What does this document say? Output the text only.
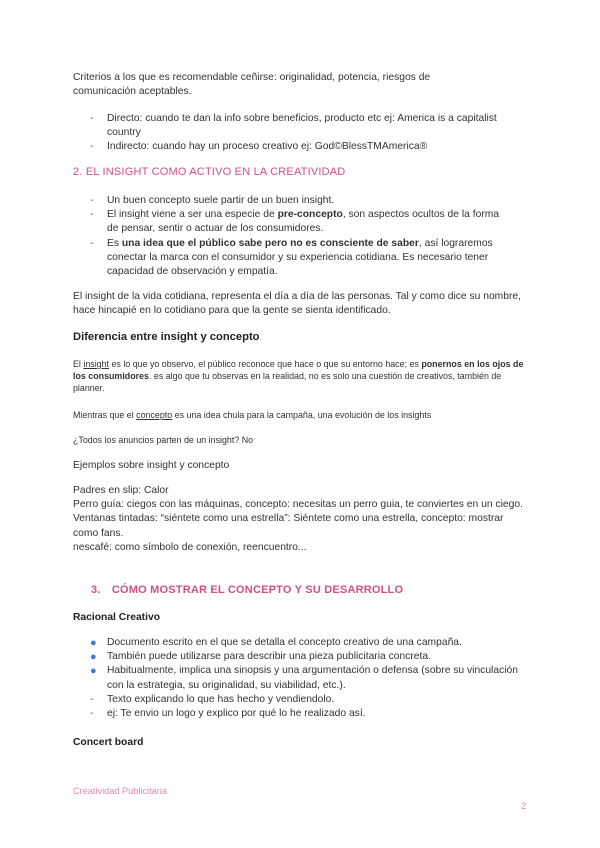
Criterios a los que es recomendable ceñirse: originalidad, potencia, riesgos de
comunicación aceptables.

- Directo: cuando te dan la info sobre beneficios, producto etc ej: America is a capitalist country
- Indirecto: cuando hay un proceso creativo ej: God©BlessTMAmerica®
2. EL INSIGHT COMO ACTIVO EN LA CREATIVIDAD
- Un buen concepto suele partir de un buen insight.
- El insight viene a ser una especie de pre-concepto, son aspectos ocultos de la forma de pensar, sentir o actuar de los consumidores.
- Es una idea que el público sabe pero no es consciente de saber, así lograremos conectar la marca con el consumidor y su experiencia cotidiana. Es necesario tener capacidad de observación y empatía.

El insight de la vida cotidiana, representa el día a día de las personas. Tal y como dice su nombre, hace hincapié en lo cotidiano para que la gente se sienta identificado.

Diferencia entre insight y concepto

El insight es lo que yo observo, el público reconoce que hace o que su entorno hace; es ponernos en los ojos de los consumidores. es algo que tu observas en la realidad, no es solo una cuestión de creativos, también de planner.

Mientras que el concepto es una idea chula para la campaña, una evolución de los insights

¿Todos los anuncios parten de un insight? No

Ejemplos sobre insight y concepto

Padres en slip: Calor
Perro guía: ciegos con las máquinas, concepto: necesitas un perro guia, te conviertes en un ciego.
Ventanas tintadas: “siéntete como una estrella”: Siéntete como una estrella, concepto: mostrar como fans.
nescafé: como símbolo de conexión, reencuentro...
3. CÓMO MOSTRAR EL CONCEPTO Y SU DESARROLLO
Racional Creativo
● Documento escrito en el que se detalla el concepto creativo de una campaña.
● También puede utilizarse para describir una pieza publicitaria concreta.
● Habitualmente, implica una sinopsis y una argumentación o defensa (sobre su vinculación con la estrategia, su originalidad, su viabilidad, etc.).
- Texto explicando lo que has hecho y vendiendolo.
- ej: Te envio un logo y explico por qué lo he realizado así.
Concert board
Creatividad Publicitaria
2
